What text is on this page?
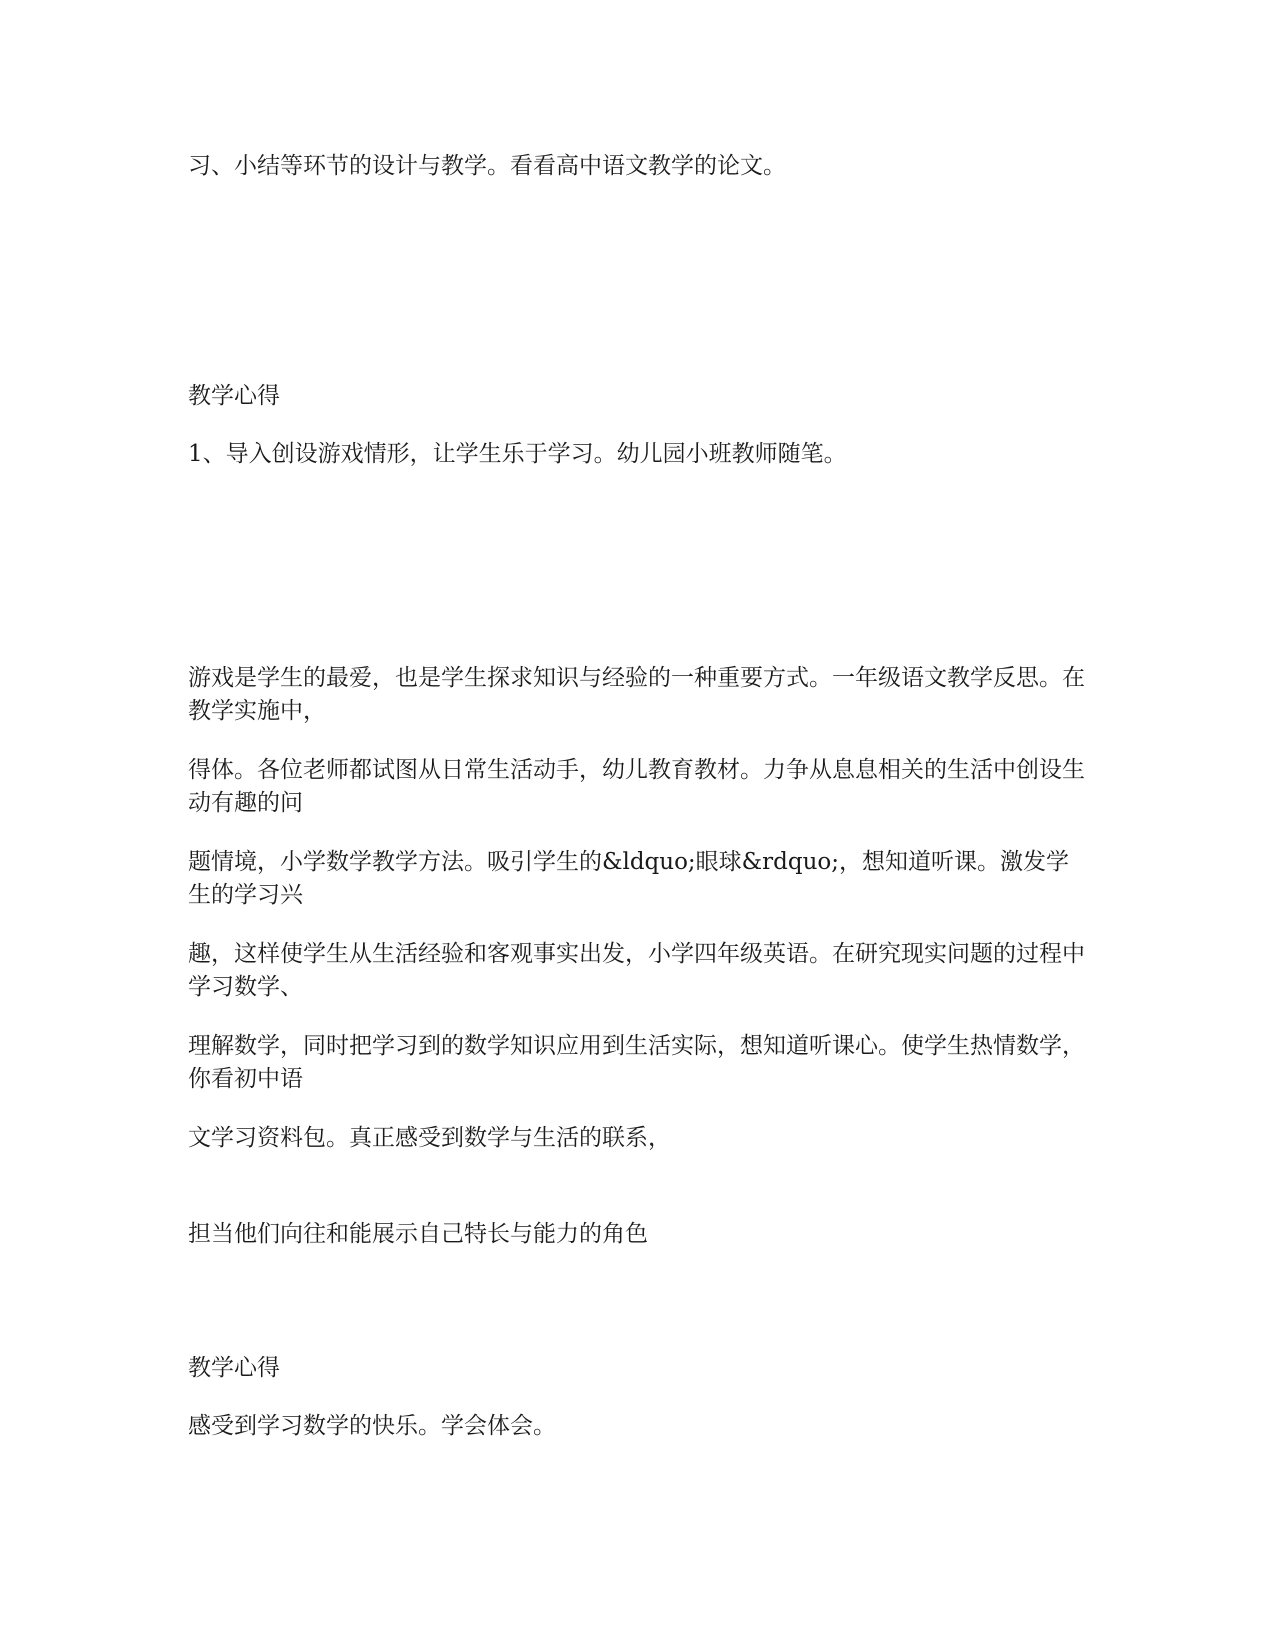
习、小结等环节的设计与教学。看看高中语文教学的论文。
教学心得
1、导入创设游戏情形，让学生乐于学习。幼儿园小班教师随笔。
游戏是学生的最爱，也是学生探求知识与经验的一种重要方式。一年级语文教学反思。在教学实施中，
得体。各位老师都试图从日常生活动手，幼儿教育教材。力争从息息相关的生活中创设生动有趣的问
题情境，小学数学教学方法。吸引学生的&ldquo;眼球&rdquo;，想知道听课。激发学生的学习兴
趣，这样使学生从生活经验和客观事实出发，小学四年级英语。在研究现实问题的过程中学习数学、
理解数学，同时把学习到的数学知识应用到生活实际，想知道听课心。使学生热情数学，你看初中语
文学习资料包。真正感受到数学与生活的联系，
担当他们向往和能展示自己特长与能力的角色
教学心得
感受到学习数学的快乐。学会体会。
